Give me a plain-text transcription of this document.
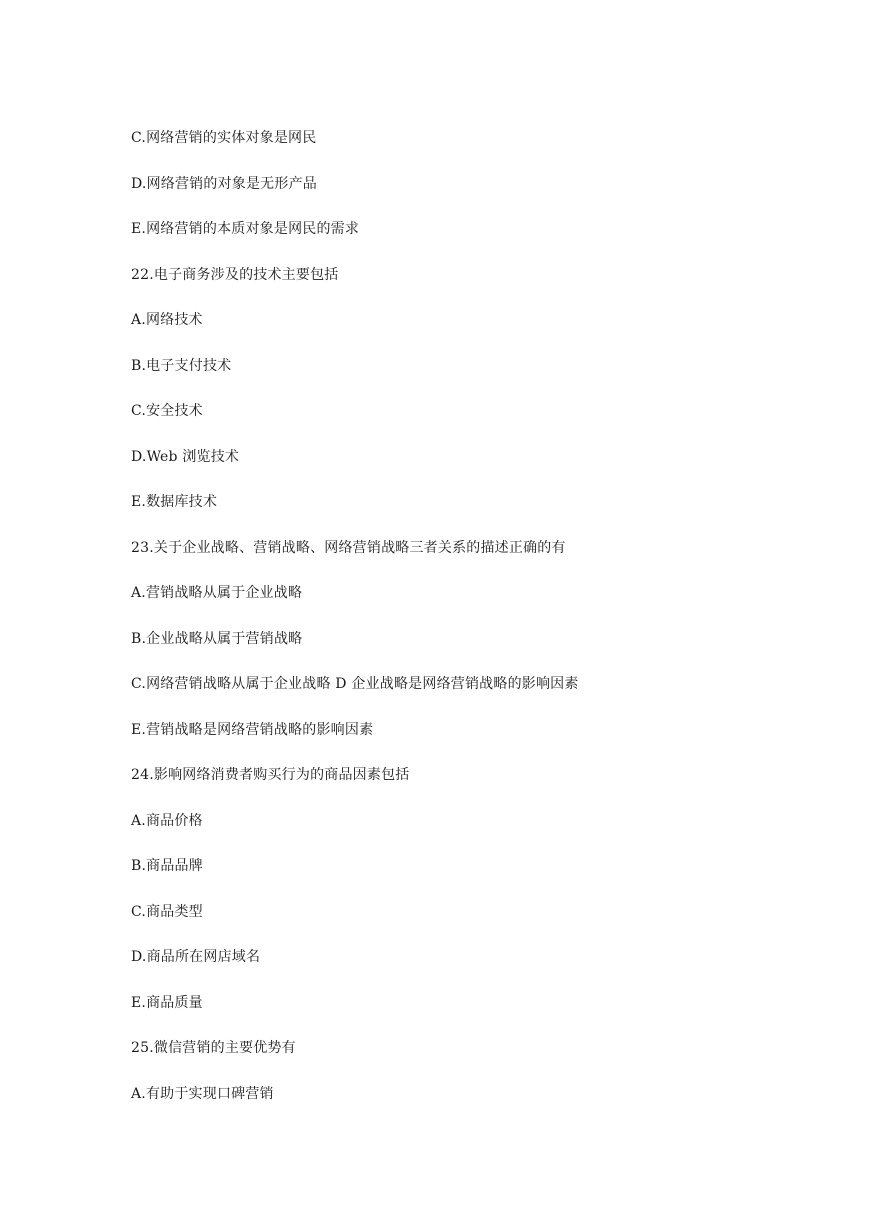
C.网络营销的实体对象是网民
D.网络营销的对象是无形产品
E.网络营销的本质对象是网民的需求
22.电子商务涉及的技术主要包括
A.网络技术
B.电子支付技术
C.安全技术
D.Web 浏览技术
E.数据库技术
23.关于企业战略、营销战略、网络营销战略三者关系的描述正确的有
A.营销战略从属于企业战略
B.企业战略从属于营销战略
C.网络营销战略从属于企业战略 D 企业战略是网络营销战略的影响因素
E.营销战略是网络营销战略的影响因素
24.影响网络消费者购买行为的商品因素包括
A.商品价格
B.商品品牌
C.商品类型
D.商品所在网店域名
E.商品质量
25.微信营销的主要优势有
A.有助于实现口碑营销
